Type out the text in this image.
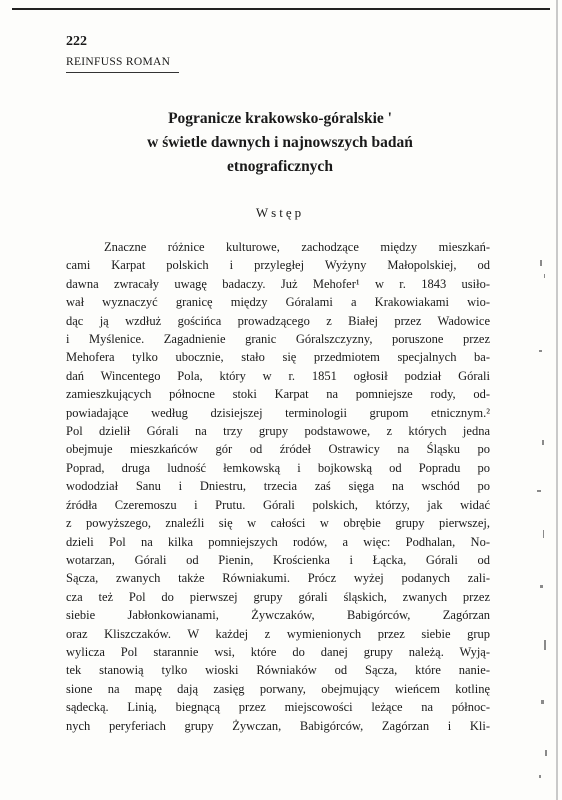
222
REINFUSS ROMAN
Pogranicze krakowsko-góralskie '
w świetle dawnych i najnowszych badań
etnograficznych
Wstęp
Znaczne różnice kulturowe, zachodzące między mieszkań-
cami Karpat polskich i przyległej Wyżyny Małopolskiej, od
dawna zwracały uwagę badaczy. Już Mehofer¹ w r. 1843 usiło-
wał wyznaczyć granicę między Góralami a Krakowiakami wio-
dąc ją wzdłuż gościńca prowadzącego z Białej przez Wadowice
i Myślenice. Zagadnienie granic Góralszczyzny, poruszone przez
Mehofera tylko ubocznie, stało się przedmiotem specjalnych ba-
dań Wincentego Pola, który w r. 1851 ogłosił podział Górali
zamieszkujących północne stoki Karpat na pomniejsze rody, od-
powiadające według dzisiejszej terminologii grupom etnicznym.²
Pol dzielił Górali na trzy grupy podstawowe, z których jedna
obejmuje mieszkańców gór od źródeł Ostrawicy na Śląsku po
Poprad, druga ludność łemkowską i bojkowską od Popradu po
wododział Sanu i Dniestru, trzecia zaś sięga na wschód po
źródła Czeremoszu i Prutu. Górali polskich, którzy, jak widać
z powyższego, znaleźli się w całości w obrębie grupy pierwszej,
dzieli Pol na kilka pomniejszych rodów, a więc: Podhalan, No-
wotarzan, Górali od Pienin, Krościenka i Łącka, Górali od
Sącza, zwanych także Równiakumi. Prócz wyżej podanych zali-
cza też Pol do pierwszej grupy górali śląskich, zwanych przez
siebie Jabłonkowianami, Żywczaków, Babigórców, Zagórzan
oraz Kliszczaków. W każdej z wymienionych przez siebie grup
wylicza Pol starannie wsi, które do danej grupy należą. Wyją-
tek stanowią tylko wioski Równiaków od Sącza, które nanie-
sione na mapę dają zasięg porwany, obejmujący wieńcem kotlinę
sądecką. Linią, biegnącą przez miejscowości leżące na północ-
nych peryferiach grupy Żywczan, Babigórców, Zagórzan i Kli-
